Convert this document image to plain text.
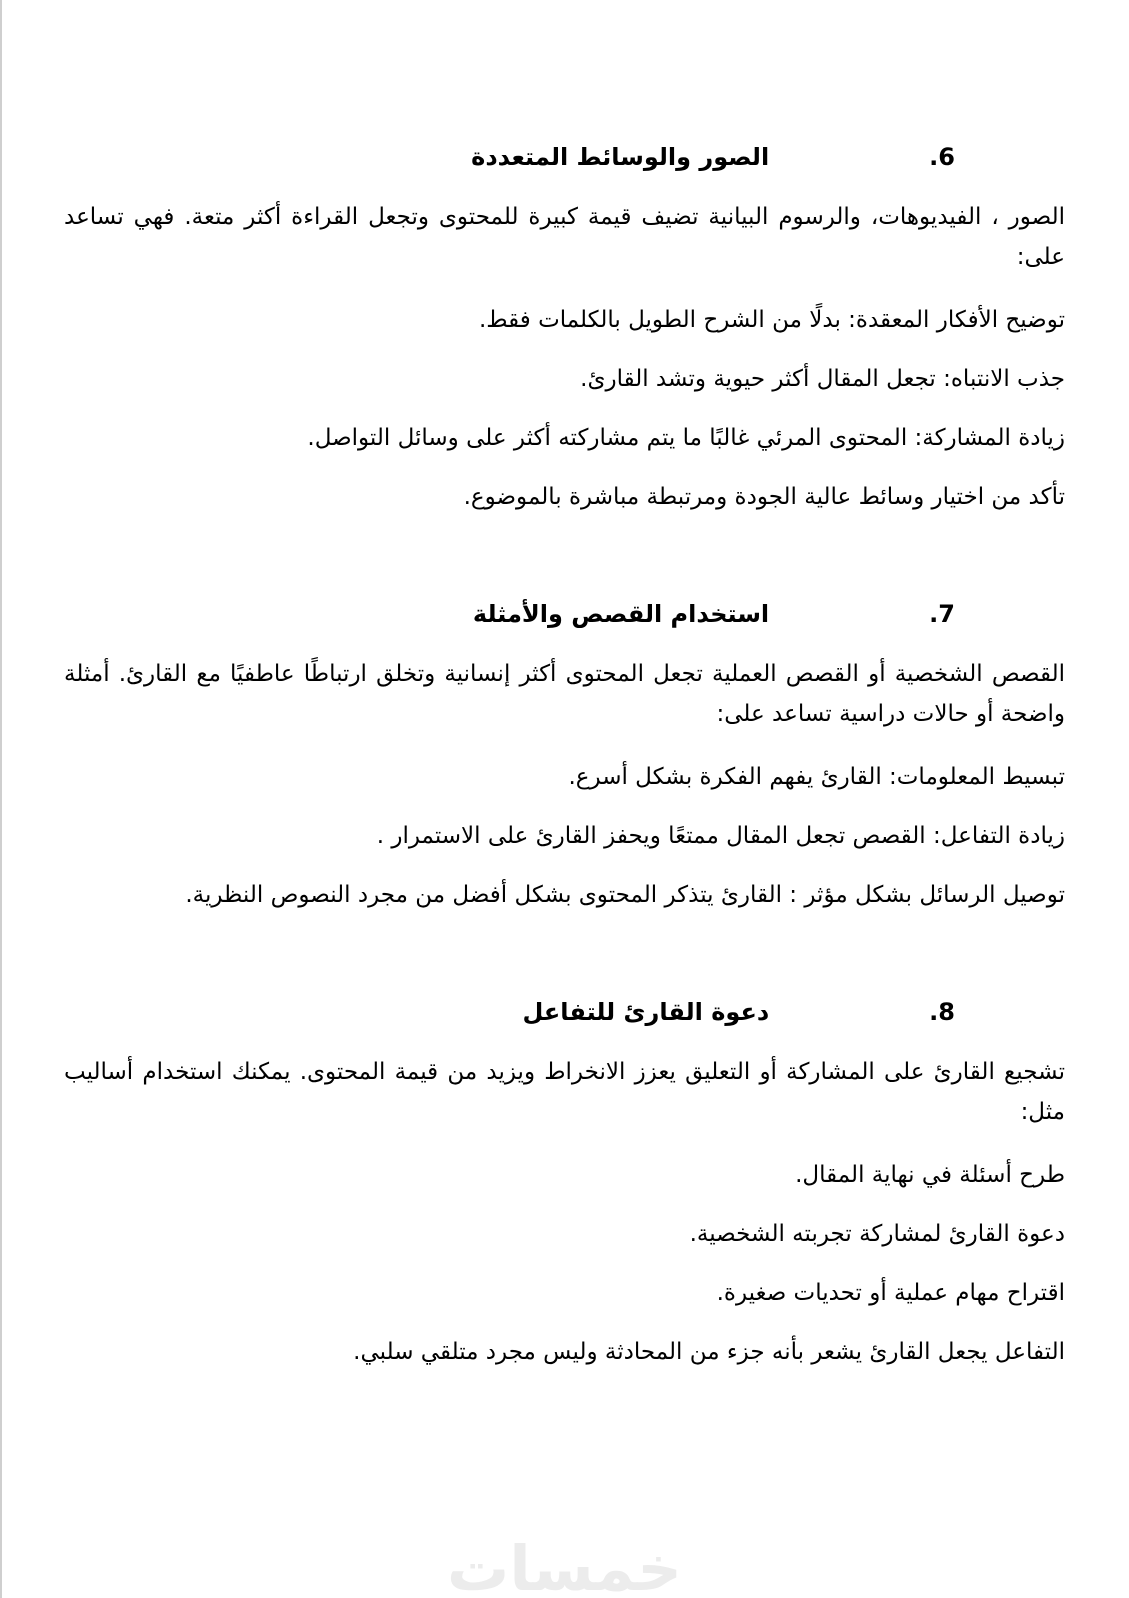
6.
الصور والوسائط المتعددة

الصور ، الفيديوهات، والرسوم البيانية تضيف قيمة كبيرة للمحتوى وتجعل القراءة أكثر متعة. فهي تساعد على:

توضيح الأفكار المعقدة: بدلًا من الشرح الطويل بالكلمات فقط.

جذب الانتباه: تجعل المقال أكثر حيوية وتشد القارئ.

زيادة المشاركة: المحتوى المرئي غالبًا ما يتم مشاركته أكثر على وسائل التواصل.

تأكد من اختيار وسائط عالية الجودة ومرتبطة مباشرة بالموضوع.

7.
استخدام القصص والأمثلة

القصص الشخصية أو القصص العملية تجعل المحتوى أكثر إنسانية وتخلق ارتباطًا عاطفيًا مع القارئ. أمثلة واضحة أو حالات دراسية تساعد على:

تبسيط المعلومات: القارئ يفهم الفكرة بشكل أسرع.

زيادة التفاعل: القصص تجعل المقال ممتعًا ويحفز القارئ على الاستمرار .

توصيل الرسائل بشكل مؤثر : القارئ يتذكر المحتوى بشكل أفضل من مجرد النصوص النظرية.

8.
دعوة القارئ للتفاعل

تشجيع القارئ على المشاركة أو التعليق يعزز الانخراط ويزيد من قيمة المحتوى. يمكنك استخدام أساليب مثل:

طرح أسئلة في نهاية المقال.

دعوة القارئ لمشاركة تجربته الشخصية.

اقتراح مهام عملية أو تحديات صغيرة.

التفاعل يجعل القارئ يشعر بأنه جزء من المحادثة وليس مجرد متلقي سلبي.

خمسات
